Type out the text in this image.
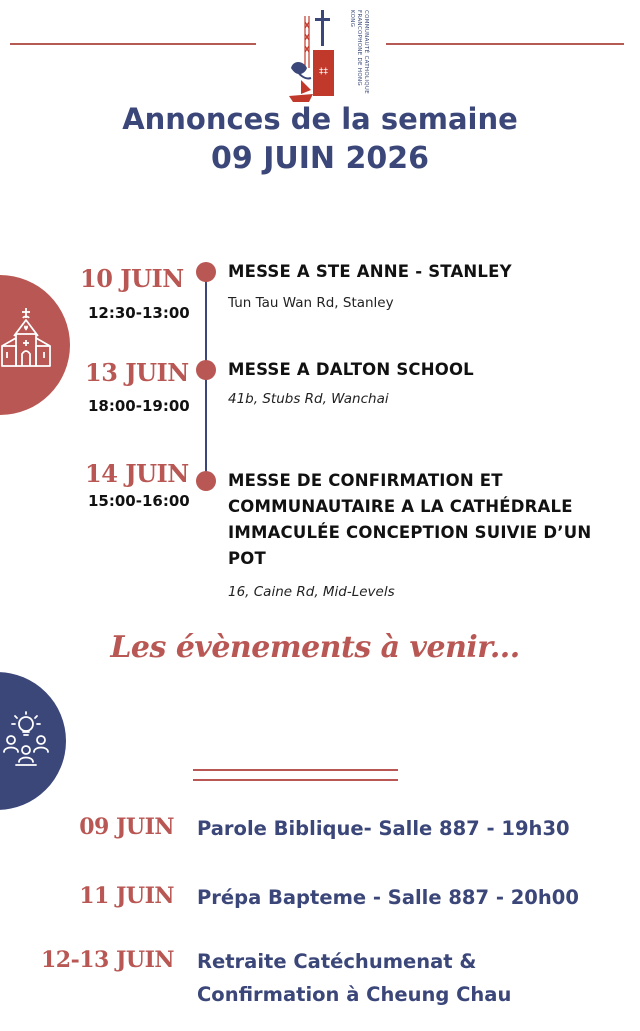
‡‡	COMMUNAUTÉ CATHOLIQUE FRANCOPHONE DE HONG KONG
Annonces de la semaine
09 JUIN 2026
10 JUIN
12:30-13:00
MESSE A STE ANNE - STANLEY
Tun Tau Wan Rd, Stanley
13 JUIN
18:00-19:00
MESSE A DALTON SCHOOL
41b, Stubs Rd, Wanchai
14 JUIN
15:00-16:00
MESSE DE CONFIRMATION ET COMMUNAUTAIRE A LA CATHÉDRALE IMMACULÉE CONCEPTION SUIVIE D’UN POT
16, Caine Rd, Mid-Levels
Les évènements à venir...
09 JUIN Parole Biblique- Salle 887 - 19h30
11 JUIN Prépa Bapteme - Salle 887 - 20h00
12-13 JUIN Retraite Catéchumenat & Confirmation à Cheung Chau
